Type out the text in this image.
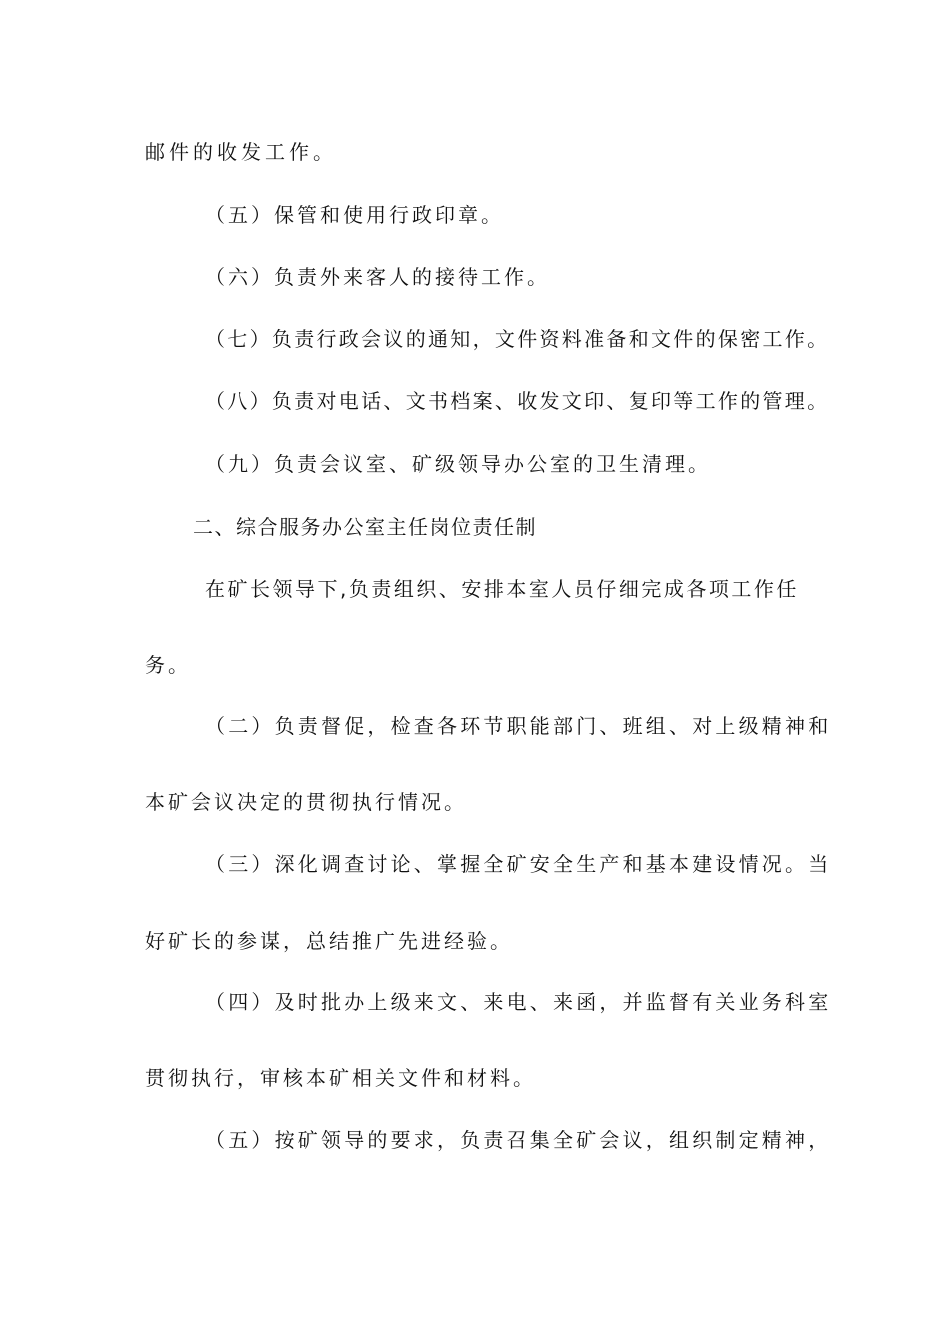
邮件的收发工作。
（五）保管和使用行政印章。
（六）负责外来客人的接待工作。
（七）负责行政会议的通知，文件资料准备和文件的保密工作。
（八）负责对电话、文书档案、收发文印、复印等工作的管理。
（九）负责会议室、矿级领导办公室的卫生清理。
二、综合服务办公室主任岗位责任制
在矿长领导下,负责组织、安排本室人员仔细完成各项工作任
务。
（二）负责督促，检查各环节职能部门、班组、对上级精神和
本矿会议决定的贯彻执行情况。
（三）深化调查讨论、掌握全矿安全生产和基本建设情况。当
好矿长的参谋，总结推广先进经验。
（四）及时批办上级来文、来电、来函，并监督有关业务科室
贯彻执行，审核本矿相关文件和材料。
（五）按矿领导的要求，负责召集全矿会议，组织制定精神，
